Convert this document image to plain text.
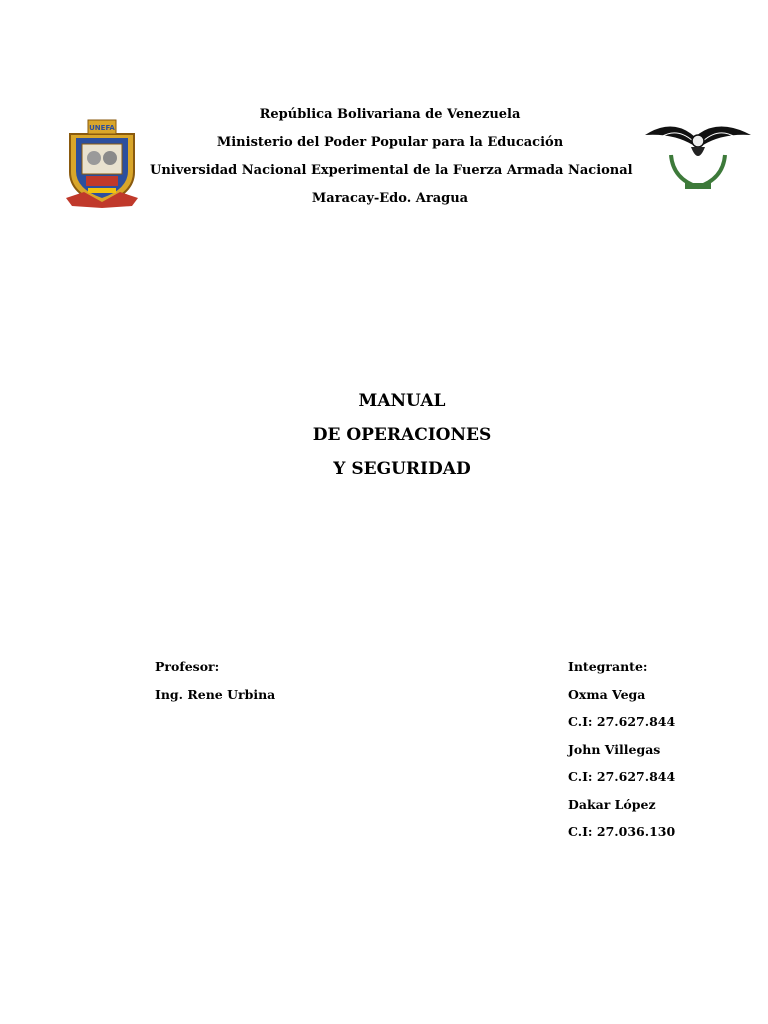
UNEFA
República Bolivariana de Venezuela
Ministerio del Poder Popular para la Educación
Universidad Nacional Experimental de la Fuerza Armada Nacional
Maracay-Edo. Aragua
MANUAL
DE OPERACIONES
Y SEGURIDAD
Profesor:
Ing. Rene Urbina
Integrante:
Oxma Vega
C.I: 27.627.844
John Villegas
C.I: 27.627.844
Dakar López
C.I: 27.036.130
